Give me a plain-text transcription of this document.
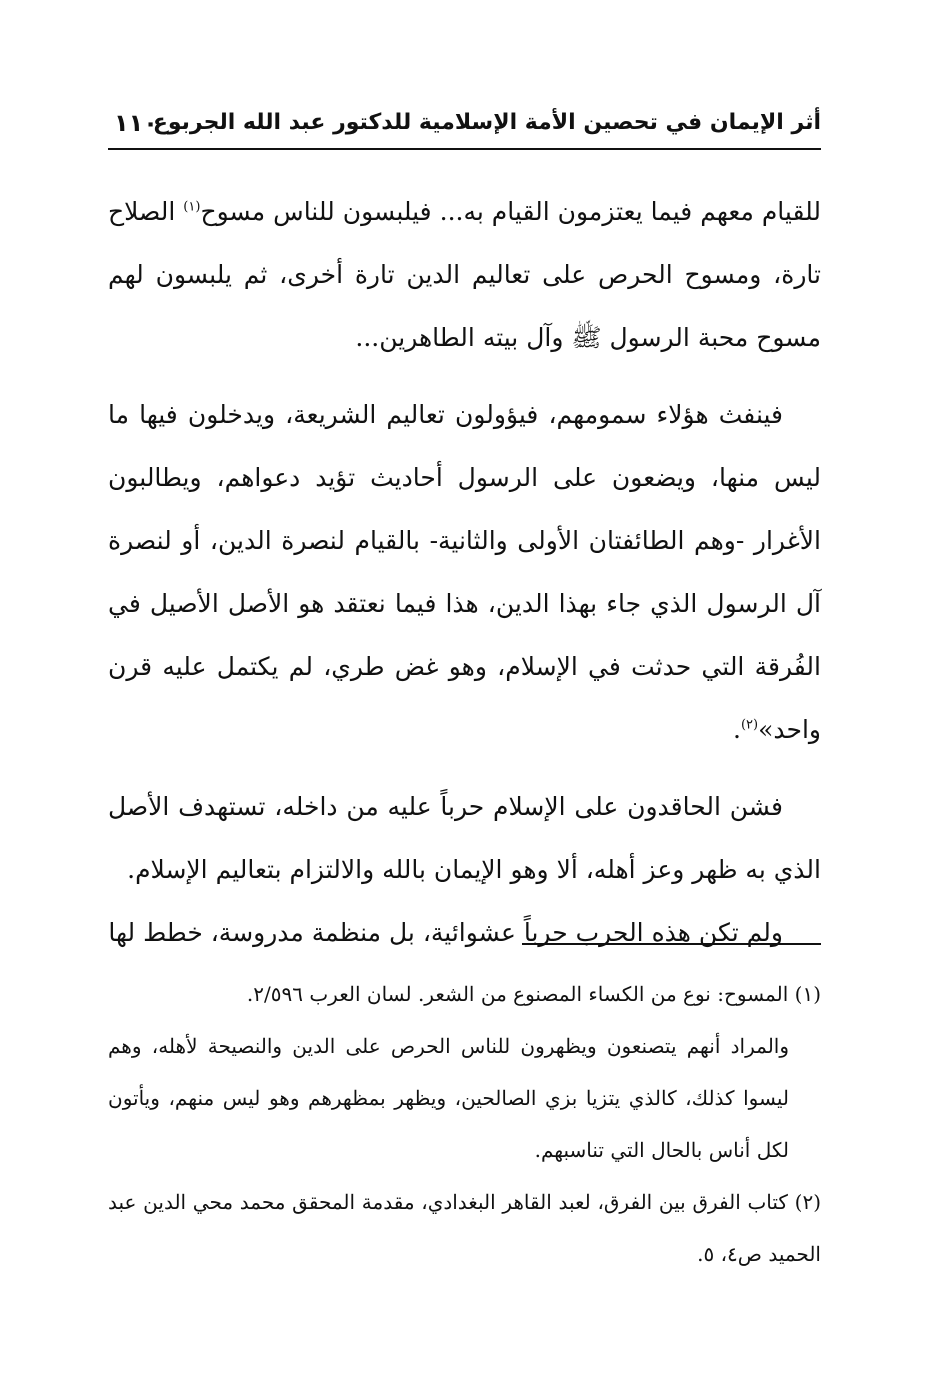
أثر الإيمان في تحصين الأمة الإسلامية للدكتور عبد الله الجربوع
١١٠

للقيام معهم فيما يعتزمون القيام به... فيلبسون للناس مسوح$^{(١)}$ الصلاح تارة، ومسوح الحرص على تعاليم الدين تارة أخرى، ثم يلبسون لهم مسوح محبة الرسول ﷺ وآل بيته الطاهرين...

فينفث هؤلاء سمومهم، فيؤولون تعاليم الشريعة، ويدخلون فيها ما ليس منها، ويضعون على الرسول أحاديث تؤيد دعواهم، ويطالبون الأغرار -وهم الطائفتان الأولى والثانية- بالقيام لنصرة الدين، أو لنصرة آل الرسول الذي جاء بهذا الدين، هذا فيما نعتقد هو الأصل الأصيل في الفُرقة التي حدثت في الإسلام، وهو غض طري، لم يكتمل عليه قرن واحد»$^{(٢)}$.

فشن الحاقدون على الإسلام حرباً عليه من داخله، تستهدف الأصل الذي به ظهر وعز أهله، ألا وهو الإيمان بالله والالتزام بتعاليم الإسلام.

ولم تكن هذه الحرب حرباً عشوائية، بل منظمة مدروسة، خطط لها

(١) المسوح: نوع من الكساء المصنوع من الشعر. لسان العرب ٢/٥٩٦.

والمراد أنهم يتصنعون ويظهرون للناس الحرص على الدين والنصيحة لأهله، وهم ليسوا كذلك، كالذي يتزيا بزي الصالحين، ويظهر بمظهرهم وهو ليس منهم، ويأتون لكل أناس بالحال التي تناسبهم.

(٢) كتاب الفرق بين الفرق، لعبد القاهر البغدادي، مقدمة المحقق محمد محي الدين عبد الحميد ص٤، ٥.
